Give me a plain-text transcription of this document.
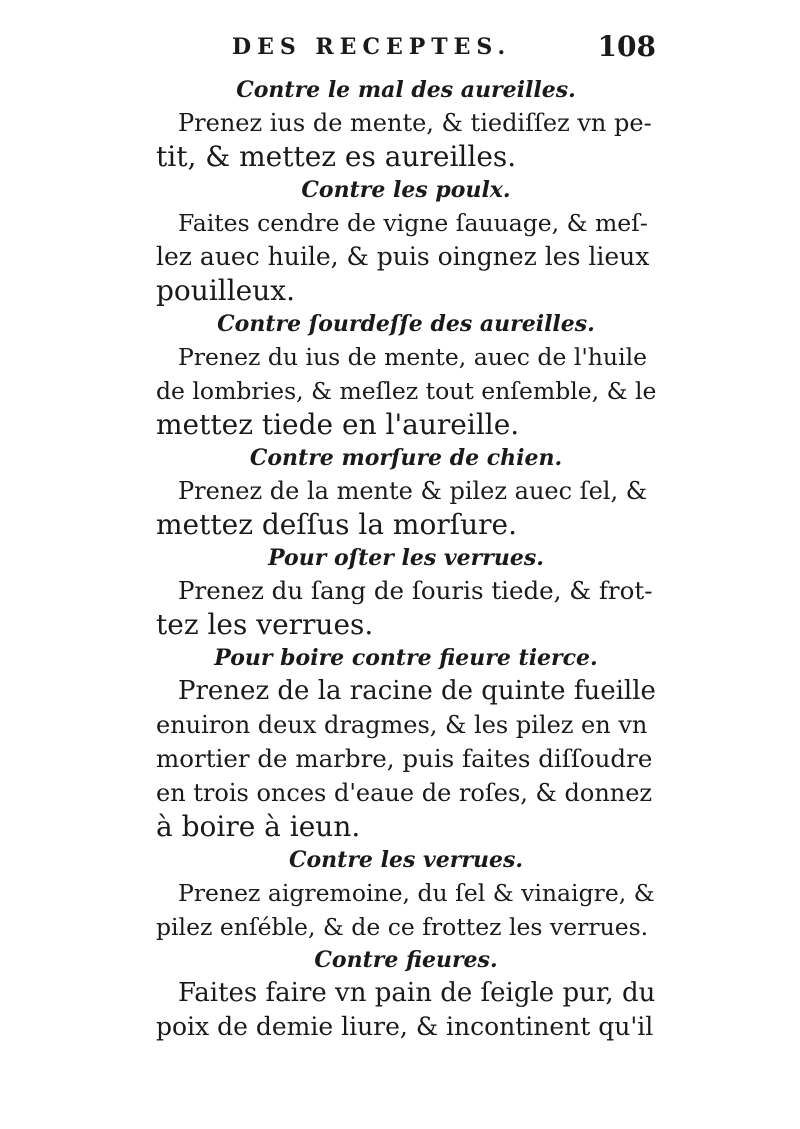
DES RECEPTES.	108
Contre le mal des aureilles.
Prenez ius de mente, & tiediſſez vn pe-
tit, & mettez es aureilles.
Contre les poulx.
Faites cendre de vigne ſauuage, & meſ-
lez auec huile, & puis oingnez les lieux
pouilleux.
Contre ſourdeſſe des aureilles.
Prenez du ius de mente, auec de l'huile
de lombries, & meſlez tout enſemble, & le
mettez tiede en l'aureille.
Contre morſure de chien.
Prenez de la mente & pilez auec ſel, &
mettez deſſus la morſure.
Pour oſter les verrues.
Prenez du ſang de ſouris tiede, & frot-
tez les verrues.
Pour boire contre fieure tierce.
Prenez de la racine de quinte fueille
enuiron deux dragmes, & les pilez en vn
mortier de marbre, puis faites diſſoudre
en trois onces d'eaue de roſes, & donnez
à boire à ieun.
Contre les verrues.
Prenez aigremoine, du ſel & vinaigre, &
pilez enſéble, & de ce frottez les verrues.
Contre fieures.
Faites faire vn pain de ſeigle pur, du
poix de demie liure, & incontinent qu'il
